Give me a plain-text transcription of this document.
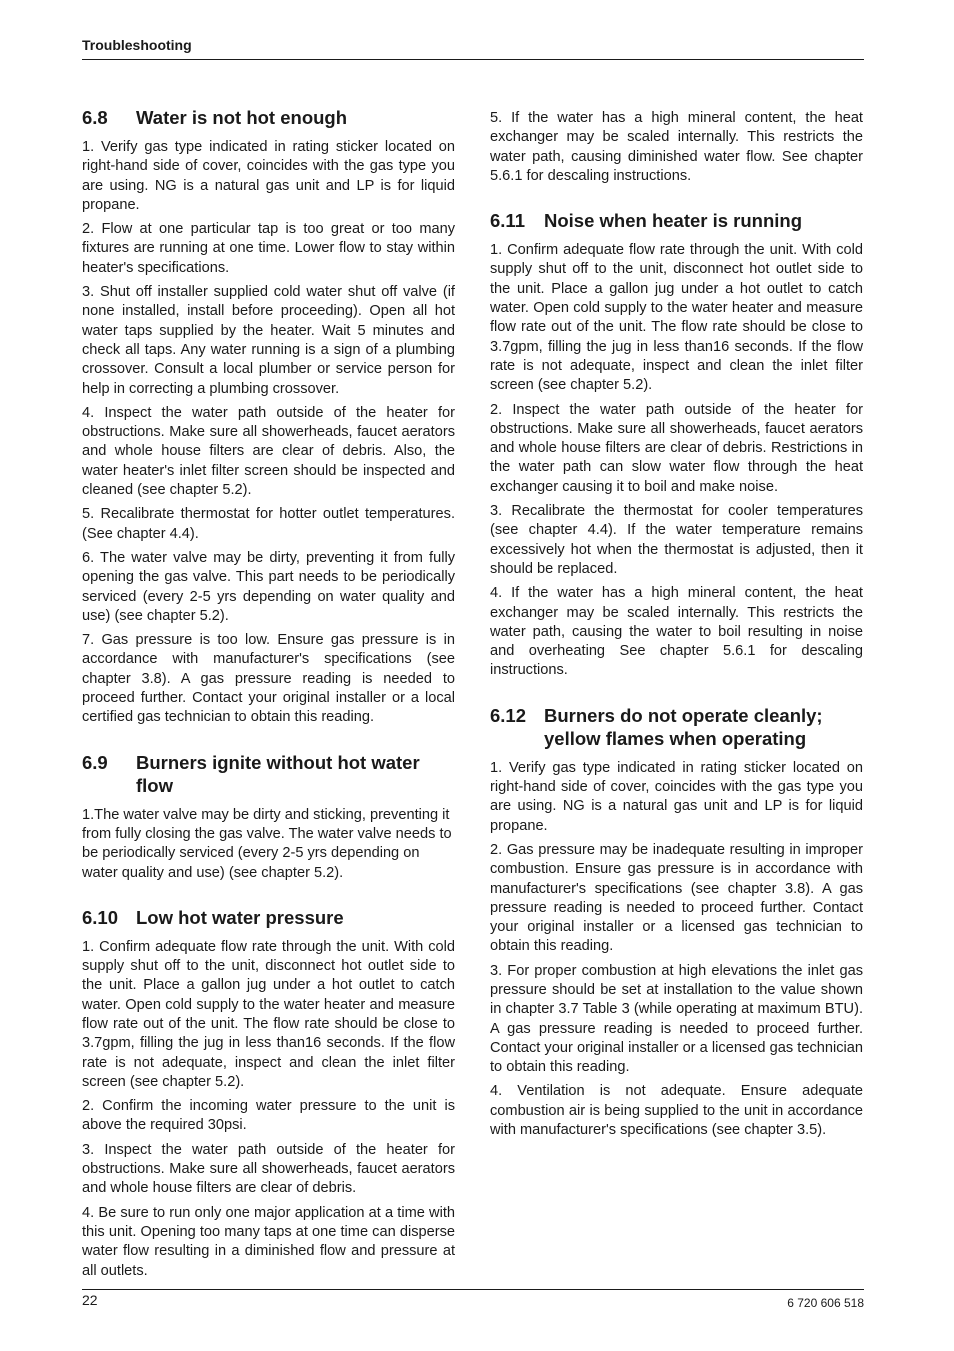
Troubleshooting
6.8	Water is not hot enough

1. Verify gas type indicated in rating sticker located on right-hand side of cover, coincides with the gas type you are using. NG is a natural gas unit and LP is for liquid propane.

2. Flow at one particular tap is too great or too many fixtures are running at one time. Lower flow to stay within heater's specifications.

3. Shut off installer supplied cold water shut off valve (if none installed, install before proceeding). Open all hot water taps supplied by the heater. Wait 5 minutes and check all taps. Any water running is a sign of a plumbing crossover. Consult a local plumber or service person for help in correcting a plumbing crossover.

4. Inspect the water path outside of the heater for obstructions. Make sure all showerheads, faucet aerators and whole house filters are clear of debris. Also, the water heater's inlet filter screen should be inspected and cleaned (see chapter 5.2).

5. Recalibrate thermostat for hotter outlet temperatures. (See chapter 4.4).

6. The water valve may be dirty, preventing it from fully opening the gas valve. This part needs to be periodically serviced (every 2-5 yrs depending on water quality and use) (see chapter 5.2).

7. Gas pressure is too low. Ensure gas pressure is in accordance with manufacturer's specifications (see chapter 3.8). A gas pressure reading is needed to proceed further. Contact your original installer or a local certified gas technician to obtain this reading.

6.9	Burners ignite without hot water flow

1.The water valve may be dirty and sticking, preventing it from fully closing the gas valve. The water valve needs to be periodically serviced (every 2-5 yrs depending on water quality and use) (see chapter 5.2).

6.10 Low hot water pressure

1. Confirm adequate flow rate through the unit. With cold supply shut off to the unit, disconnect hot outlet side to the unit. Place a gallon jug under a hot outlet to catch water. Open cold supply to the water heater and measure flow rate out of the unit. The flow rate should be close to 3.7gpm, filling the jug in less than16 seconds. If the flow rate is not adequate, inspect and clean the inlet filter screen (see chapter 5.2).

2. Confirm the incoming water pressure to the unit is above the required 30psi.

3. Inspect the water path outside of the heater for obstructions. Make sure all showerheads, faucet aerators and whole house filters are clear of debris.

4. Be sure to run only one major application at a time with this unit. Opening too many taps at one time can disperse water flow resulting in a diminished flow and pressure at all outlets.

5. If the water has a high mineral content, the heat exchanger may be scaled internally. This restricts the water path, causing diminished water flow. See chapter 5.6.1 for descaling instructions.

6.11	Noise when heater is running

1. Confirm adequate flow rate through the unit. With cold supply shut off to the unit, disconnect hot outlet side to the unit. Place a gallon jug under a hot outlet to catch water. Open cold supply to the water heater and measure flow rate out of the unit. The flow rate should be close to 3.7gpm, filling the jug in less than16 seconds. If the flow rate is not adequate, inspect and clean the inlet filter screen (see chapter 5.2).

2. Inspect the water path outside of the heater for obstructions. Make sure all showerheads, faucet aerators and whole house filters are clear of debris. Restrictions in the water path can slow water flow through the heat exchanger causing it to boil and make noise.

3. Recalibrate the thermostat for cooler temperatures (see chapter 4.4). If the water temperature remains excessively hot when the thermostat is adjusted, then it should be replaced.

4. If the water has a high mineral content, the heat exchanger may be scaled internally. This restricts the water path, causing the water to boil resulting in noise and overheating See chapter 5.6.1 for descaling instructions.

6.12 Burners do not operate cleanly; yellow flames when operating

1. Verify gas type indicated in rating sticker located on right-hand side of cover, coincides with the gas type you are using. NG is a natural gas unit and LP is for liquid propane.

2. Gas pressure may be inadequate resulting in improper combustion. Ensure gas pressure is in accordance with manufacturer's specifications (see chapter 3.8). A gas pressure reading is needed to proceed further. Contact your original installer or a licensed gas technician to obtain this reading.

3. For proper combustion at high elevations the inlet gas pressure should be set at installation to the value shown in chapter 3.7 Table 3 (while operating at maximum BTU). A gas pressure reading is needed to proceed further. Contact your original installer or a licensed gas technician to obtain this reading.

4. Ventilation is not adequate. Ensure adequate combustion air is being supplied to the unit in accordance with manufacturer's specifications (see chapter 3.5).

22	6 720 606 518
